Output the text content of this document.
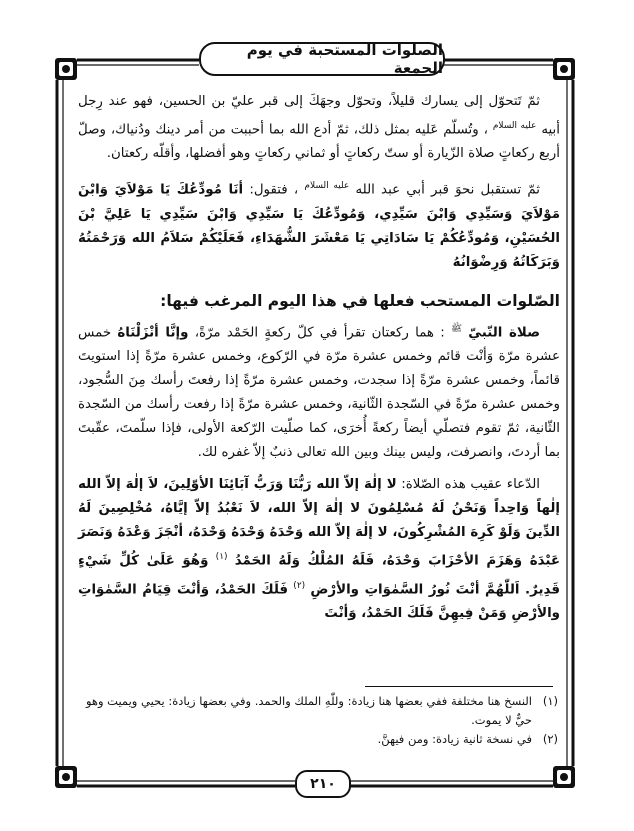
الصلوات المستحبة في يوم الجمعة

ثمّ تَتحوّل إلى يسارك قليلاً، وتحوّل وجهَكَ إلى قبر عليّ بن الحسين، فهو عند رِجل أبيه $^{عليه السلام}$ ، وتُسلّم عَليه بمثل ذلك، ثمّ أدع الله بما أحببت من أمر دينك ودُنياك، وصلّ أربع ركعاتٍ صلاة الزّيارة أو ستّ ركعاتٍ أو ثماني ركعاتٍ وهو أفضلها، وأقلّه ركعتان.

ثمّ تستقبل نحوَ قبر أبي عبد الله $^{عليه السلام}$ ، فتقول: أنَا مُودِّعُكَ يَا مَوْلاَيَ وَابْنَ مَوْلاَيَ وَسَيِّدِي وَابْنَ سَيِّدِي، وَمُودِّعُكَ يَا سَيِّدِي وَابْنَ سَيِّدِي يَا عَلِيَّ بْنَ الحُسَيْنِ، وَمُودِّعُكُمْ يَا سَادَاتِي يَا مَعْشَرَ الشُّهَدَاءِ، فَعَلَيْكُمْ سَلاَمُ الله وَرَحْمَتُهُ وَبَرَكَاتُهُ وَرِضْوَانُهُ

الصّلوات المستحب فعلها في هذا اليوم المرغب فيها:

صلاة النّبيّ $^ﷺ$ : هما ركعتان تقرأ في كلّ ركعةٍ الحَمْد مرّةً، وإنَّا أنْزَلْنَاهُ خمس عشرة مرّة وَأنْت قائم وخمس عشرة مرّة في الرّكوع، وخمس عشرة مرّةً إذا استويتَ قائماً، وخمس عشرة مرّةً إذا سجدت، وخمس عشرة مرّةً إذا رفعتَ رأسك مِنَ السُّجود، وخمس عشرة مرّةً في السّجدة الثّانية، وخمس عشرة مرّةً إذا رفعت رأسك من السّجدة الثّانية، ثمّ تقوم فتصلّي أيضاً ركعةً أُخرَى، كما صلّيت الرّكعة الأولى، فإذا سلّمتَ، عقّبتَ بما أردتَ، وانصرفت، وليس بينك وبين الله تعالى ذنبٌ إلاّ غفره لك.

الدّعاء عقيب هذه الصّلاة: لا إلٰهَ إلاّ الله رَبُّنَا وَرَبُّ آبَائِنَا الأوّلِينَ، لاَ إلٰهَ إلاّ الله إلٰهاً وَاحِداً وَنَحْنُ لَهُ مُسْلِمُونَ لا إلٰهَ إلاّ الله، لاَ نَعْبُدُ إلاّ إيَّاهُ، مُخْلِصِينَ لَهُ الدِّينَ وَلَوْ كَرِهَ المُشْرِكُونَ، لا إلٰهَ إلاّ الله وَحْدَهُ وَحْدَهُ وَحْدَهُ، أنْجَزَ وَعْدَهُ وَنَصَرَ عَبْدَهُ وَهَزَمَ الأحْزَابَ وَحْدَهُ، فَلَهُ المُلْكُ وَلَهُ الحَمْدُ $^{(١)}$ وَهُوَ عَلَىٰ كُلِّ شَيْءٍ قَدِيرٌ. اَللّٰهُمَّ أنْتَ نُورُ السَّمٰوَاتِ والأرْضِ $^{(٢)}$ فَلَكَ الحَمْدُ، وَأنْتَ قِيَامُ السَّمٰوَاتِ والأرْضِ وَمَنْ فِيهِنَّ فَلَكَ الحَمْدُ، وَأنْتَ

(١)
النسخ هنا مختلفة ففي بعضها هنا زيادة: وللّٰهِ الملك والحمد. وفي بعضها زيادة: يحيي ويميت وهو حيٌّ لا يموت.
(٢)
في نسخة ثانية زيادة: ومن فيهنَّ.
٢١٠
